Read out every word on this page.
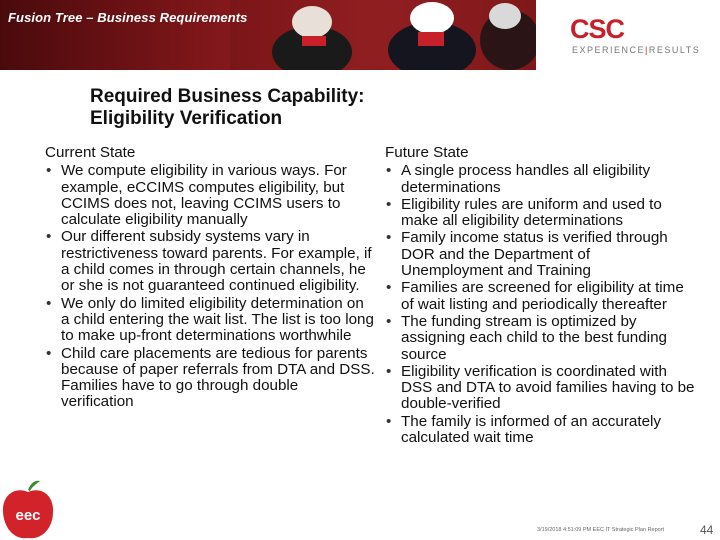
Fusion Tree – Business Requirements	CSC
EXPERIENCE|RESULTS
Required Business Capability:
Eligibility Verification
Current State
• We compute eligibility in various ways. For example, eCCIMS computes eligibility, but CCIMS does not, leaving CCIMS users to calculate eligibility manually
• Our different subsidy systems vary in restrictiveness toward parents. For example, if a child comes in through certain channels, he or she is not guaranteed continued eligibility.
• We only do limited eligibility determination on a child entering the wait list. The list is too long to make up-front determinations worthwhile
• Child care placements are tedious for parents because of paper referrals from DTA and DSS. Families have to go through double verification
Future State
• A single process handles all eligibility determinations
• Eligibility rules are uniform and used to make all eligibility determinations
• Family income status is verified through DOR and the Department of Unemployment and Training
• Families are screened for eligibility at time of wait listing and periodically thereafter
• The funding stream is optimized by assigning each child to the best funding source
• Eligibility verification is coordinated with DSS and DTA to avoid families having to be double-verified
• The family is informed of an accurately calculated wait time
eec
3/19/2018 4:51:09 PM EEC IT Strategic Plan Report	44
